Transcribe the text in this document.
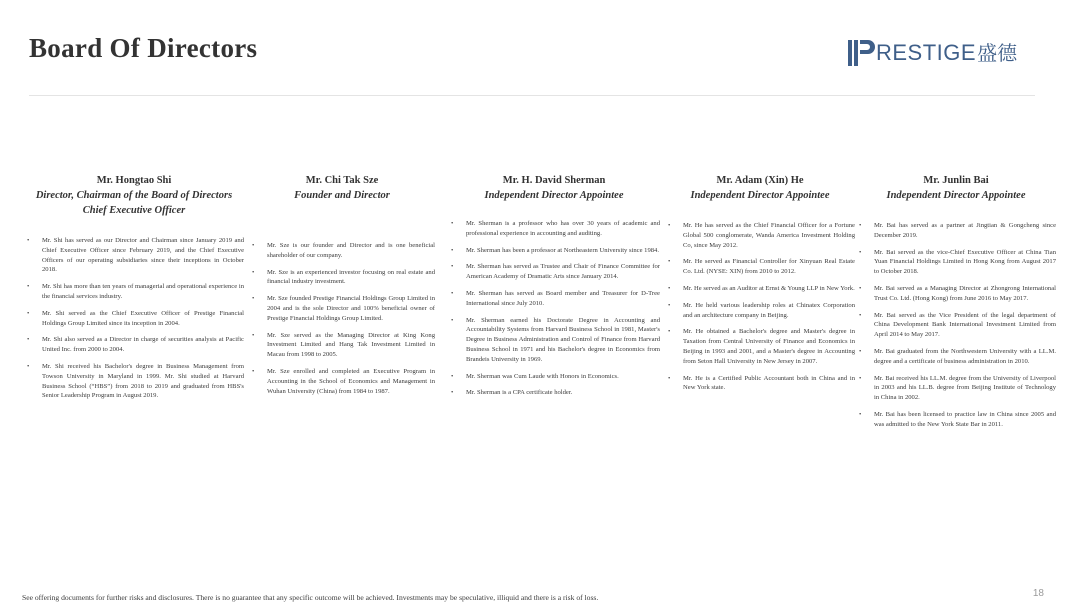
Board Of Directors	RESTIGE 盛德
Mr. Hongtao Shi
Director, Chairman of the Board of Directors
Chief Executive Officer
• Mr. Shi has served as our Director and Chairman since January 2019 and Chief Executive Officer since February 2019, and the Chief Executive Officers of our operating subsidiaries since their inceptions in October 2018.
• Mr. Shi has more than ten years of managerial and operational experience in the financial services industry.
• Mr. Shi served as the Chief Executive Officer of Prestige Financial Holdings Group Limited since its inception in 2004.
• Mr. Shi also served as a Director in charge of securities analysis at Pacific United Inc. from 2000 to 2004.
• Mr. Shi received his Bachelor's degree in Business Management from Towson University in Maryland in 1999. Mr. Shi studied at Harvard Business School (“HBS”) from 2018 to 2019 and graduated from HBS's Senior Leadership Program in August 2019.
Mr. Chi Tak Sze
Founder and Director
• Mr. Sze is our founder and Director and is one beneficial shareholder of our company.
• Mr. Sze is an experienced investor focusing on real estate and financial industry investment.
• Mr. Sze founded Prestige Financial Holdings Group Limited in 2004 and is the sole Director and 100% beneficial owner of Prestige Financial Holdings Group Limited.
• Mr. Sze served as the Managing Director at King Kong Investment Limited and Hang Tak Investment Limited in Macau from 1998 to 2005.
• Mr. Sze enrolled and completed an Executive Program in Accounting in the School of Economics and Management in Wuhan University (China) from 1984 to 1987.
Mr. H. David Sherman
Independent Director Appointee
• Mr. Sherman is a professor who has over 30 years of academic and professional experience in accounting and auditing.
• Mr. Sherman has been a professor at Northeastern University since 1984.
• Mr. Sherman has served as Trustee and Chair of Finance Committee for American Academy of Dramatic Arts since January 2014.
• Mr. Sherman has served as Board member and Treasurer for D-Tree International since July 2010.
• Mr. Sherman earned his Doctorate Degree in Accounting and Accountability Systems from Harvard Business School in 1981, Master's Degree in Business Administration and Control of Finance from Harvard Business School in 1971 and his Bachelor's degree in Economics from Brandeis University in 1969.
• Mr. Sherman was Cum Laude with Honors in Economics.
• Mr. Sherman is a CPA certificate holder.
Mr. Adam (Xin) He
Independent Director Appointee
• Mr. He has served as the Chief Financial Officer for a Fortune Global 500 conglomerate, Wanda America Investment Holding Co, since May 2012.
• Mr. He served as Financial Controller for Xinyuan Real Estate Co. Ltd. (NYSE: XIN) from 2010 to 2012.
• Mr. He served as an Auditor at Ernst & Young LLP in New York.
• Mr. He held various leadership roles at Chinatex Corporation and an architecture company in Beijing.
• Mr. He obtained a Bachelor's degree and Master's degree in Taxation from Central University of Finance and Economics in Beijing in 1993 and 2001, and a Master's degree in Accounting from Seton Hall University in New Jersey in 2007.
• Mr. He is a Certified Public Accountant both in China and in New York state.
Mr. Junlin Bai
Independent Director Appointee
• Mr. Bai has served as a partner at Jingtian & Gongcheng since December 2019.
• Mr. Bai served as the vice-Chief Executive Officer at China Tian Yuan Financial Holdings Limited in Hong Kong from August 2017 to October 2018.
• Mr. Bai served as a Managing Director at Zhongrong International Trust Co. Ltd. (Hong Kong) from June 2016 to May 2017.
• Mr. Bai served as the Vice President of the legal department of China Development Bank International Investment Limited from April 2014 to May 2017.
• Mr. Bai graduated from the Northwestern University with a LL.M. degree and a certificate of business administration in 2010.
• Mr. Bai received his LL.M. degree from the University of Liverpool in 2003 and his LL.B. degree from Beijing Institute of Technology in China in 2002.
• Mr. Bai has been licensed to practice law in China since 2005 and was admitted to the New York State Bar in 2011.
See offering documents for further risks and disclosures. There is no guarantee that any specific outcome will be achieved. Investments may be speculative, illiquid and there is a risk of loss.	18
